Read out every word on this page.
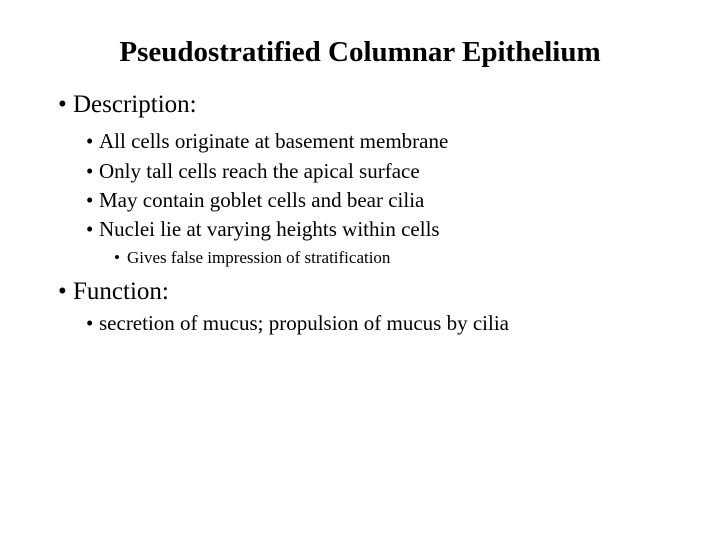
Pseudostratified Columnar Epithelium
• Description:
• All cells originate at basement membrane
• Only tall cells reach the apical surface
• May contain goblet cells and bear cilia
• Nuclei lie at varying heights within cells
• Gives false impression of stratification
• Function:
• secretion of mucus; propulsion of mucus by cilia
